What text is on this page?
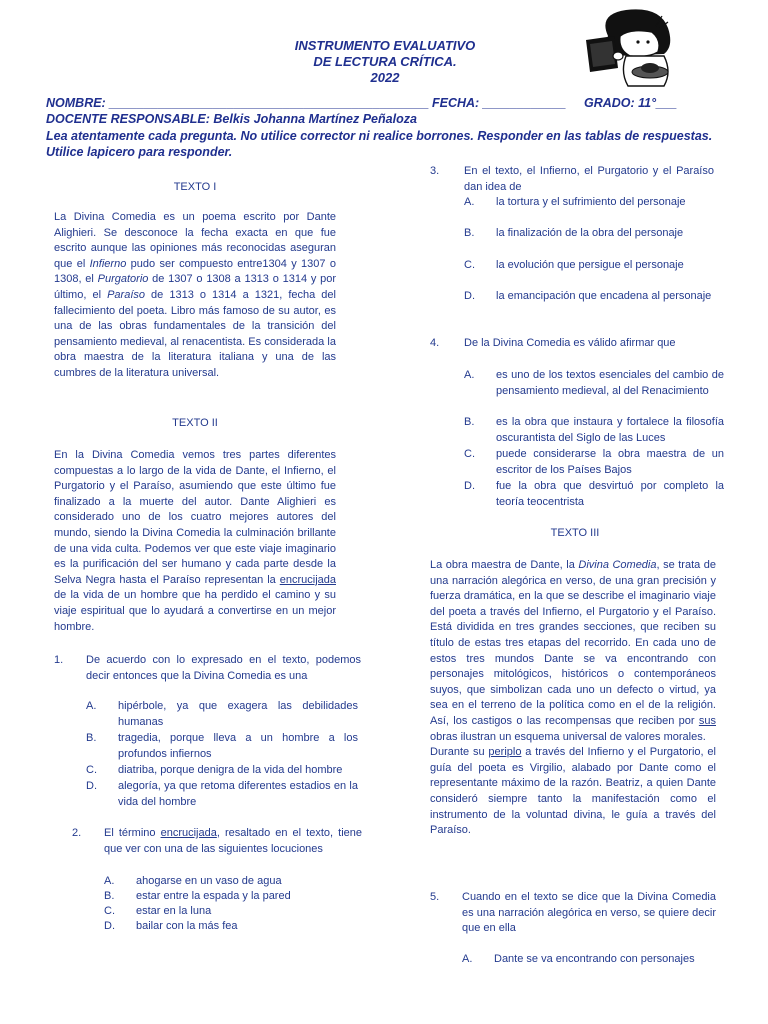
INSTRUMENTO EVALUATIVO
DE LECTURA CRÍTICA.
2022
NOMBRE: ______________________________________________ FECHA: ____________ GRADO: 11°___
DOCENTE RESPONSABLE: Belkis Johanna Martínez Peñaloza
Lea atentamente cada pregunta. No utilice corrector ni realice borrones. Responder en las tablas de respuestas. Utilice lapicero para responder.
TEXTO I
La Divina Comedia es un poema escrito por Dante Alighieri. Se desconoce la fecha exacta en que fue escrito aunque las opiniones más reconocidas aseguran que el Infierno pudo ser compuesto entre1304 y 1307 o 1308, el Purgatorio de 1307 o 1308 a 1313 o 1314 y por último, el Paraíso de 1313 o 1314 a 1321, fecha del fallecimiento del poeta. Libro más famoso de su autor, es una de las obras fundamentales de la transición del pensamiento medieval, al renacentista. Es considerada la obra maestra de la literatura italiana y una de las cumbres de la literatura universal.
TEXTO II
En la Divina Comedia vemos tres partes diferentes compuestas a lo largo de la vida de Dante, el Infierno, el Purgatorio y el Paraíso, asumiendo que este último fue finalizado a la muerte del autor. Dante Alighieri es considerado uno de los cuatro mejores autores del mundo, siendo la Divina Comedia la culminación brillante de una vida culta. Podemos ver que este viaje imaginario es la purificación del ser humano y cada parte desde la Selva Negra hasta el Paraíso representan la encrucijada de la vida de un hombre que ha perdido el camino y su viaje espiritual que lo ayudará a convertirse en un mejor hombre.
1.	De acuerdo con lo expresado en el texto, podemos decir entonces que la Divina Comedia es una
A.	hipérbole, ya que exagera las debilidades humanas
B.	tragedia, porque lleva a un hombre a los profundos infiernos
C.	diatriba, porque denigra de la vida del hombre
D.	alegoría, ya que retoma diferentes estadios en la vida del hombre
2.	El término encrucijada, resaltado en el texto, tiene que ver con una de las siguientes locuciones
A.	ahogarse en un vaso de agua
B.	estar entre la espada y la pared
C.	estar en la luna
D.	bailar con la más fea
3.	En el texto, el Infierno, el Purgatorio y el Paraíso dan idea de
A.	la tortura y el sufrimiento del personaje
B.	la finalización de la obra del personaje
C.	la evolución que persigue el personaje
D.	la emancipación que encadena al personaje
4.	De la Divina Comedia es válido afirmar que
A.	es uno de los textos esenciales del cambio de pensamiento medieval, al del Renacimiento
B.	es la obra que instaura y fortalece la filosofía oscurantista del Siglo de las Luces
C.	puede considerarse la obra maestra de un escritor de los Países Bajos
D.	fue la obra que desvirtuó por completo la teoría teocentrista
TEXTO III
La obra maestra de Dante, la Divina Comedia, se trata de una narración alegórica en verso, de una gran precisión y fuerza dramática, en la que se describe el imaginario viaje del poeta a través del Infierno, el Purgatorio y el Paraíso. Está dividida en tres grandes secciones, que reciben su título de estas tres etapas del recorrido. En cada uno de estos tres mundos Dante se va encontrando con personajes mitológicos, históricos o contemporáneos suyos, que simbolizan cada uno un defecto o virtud, ya sea en el terreno de la política como en el de la religión. Así, los castigos o las recompensas que reciben por sus obras ilustran un esquema universal de valores morales.
Durante su periplo a través del Infierno y el Purgatorio, el guía del poeta es Virgilio, alabado por Dante como el representante máximo de la razón. Beatriz, a quien Dante consideró siempre tanto la manifestación como el instrumento de la voluntad divina, le guía a través del Paraíso.
5.	Cuando en el texto se dice que la Divina Comedia es una narración alegórica en verso, se quiere decir que en ella
A.	Dante se va encontrando con personajes
